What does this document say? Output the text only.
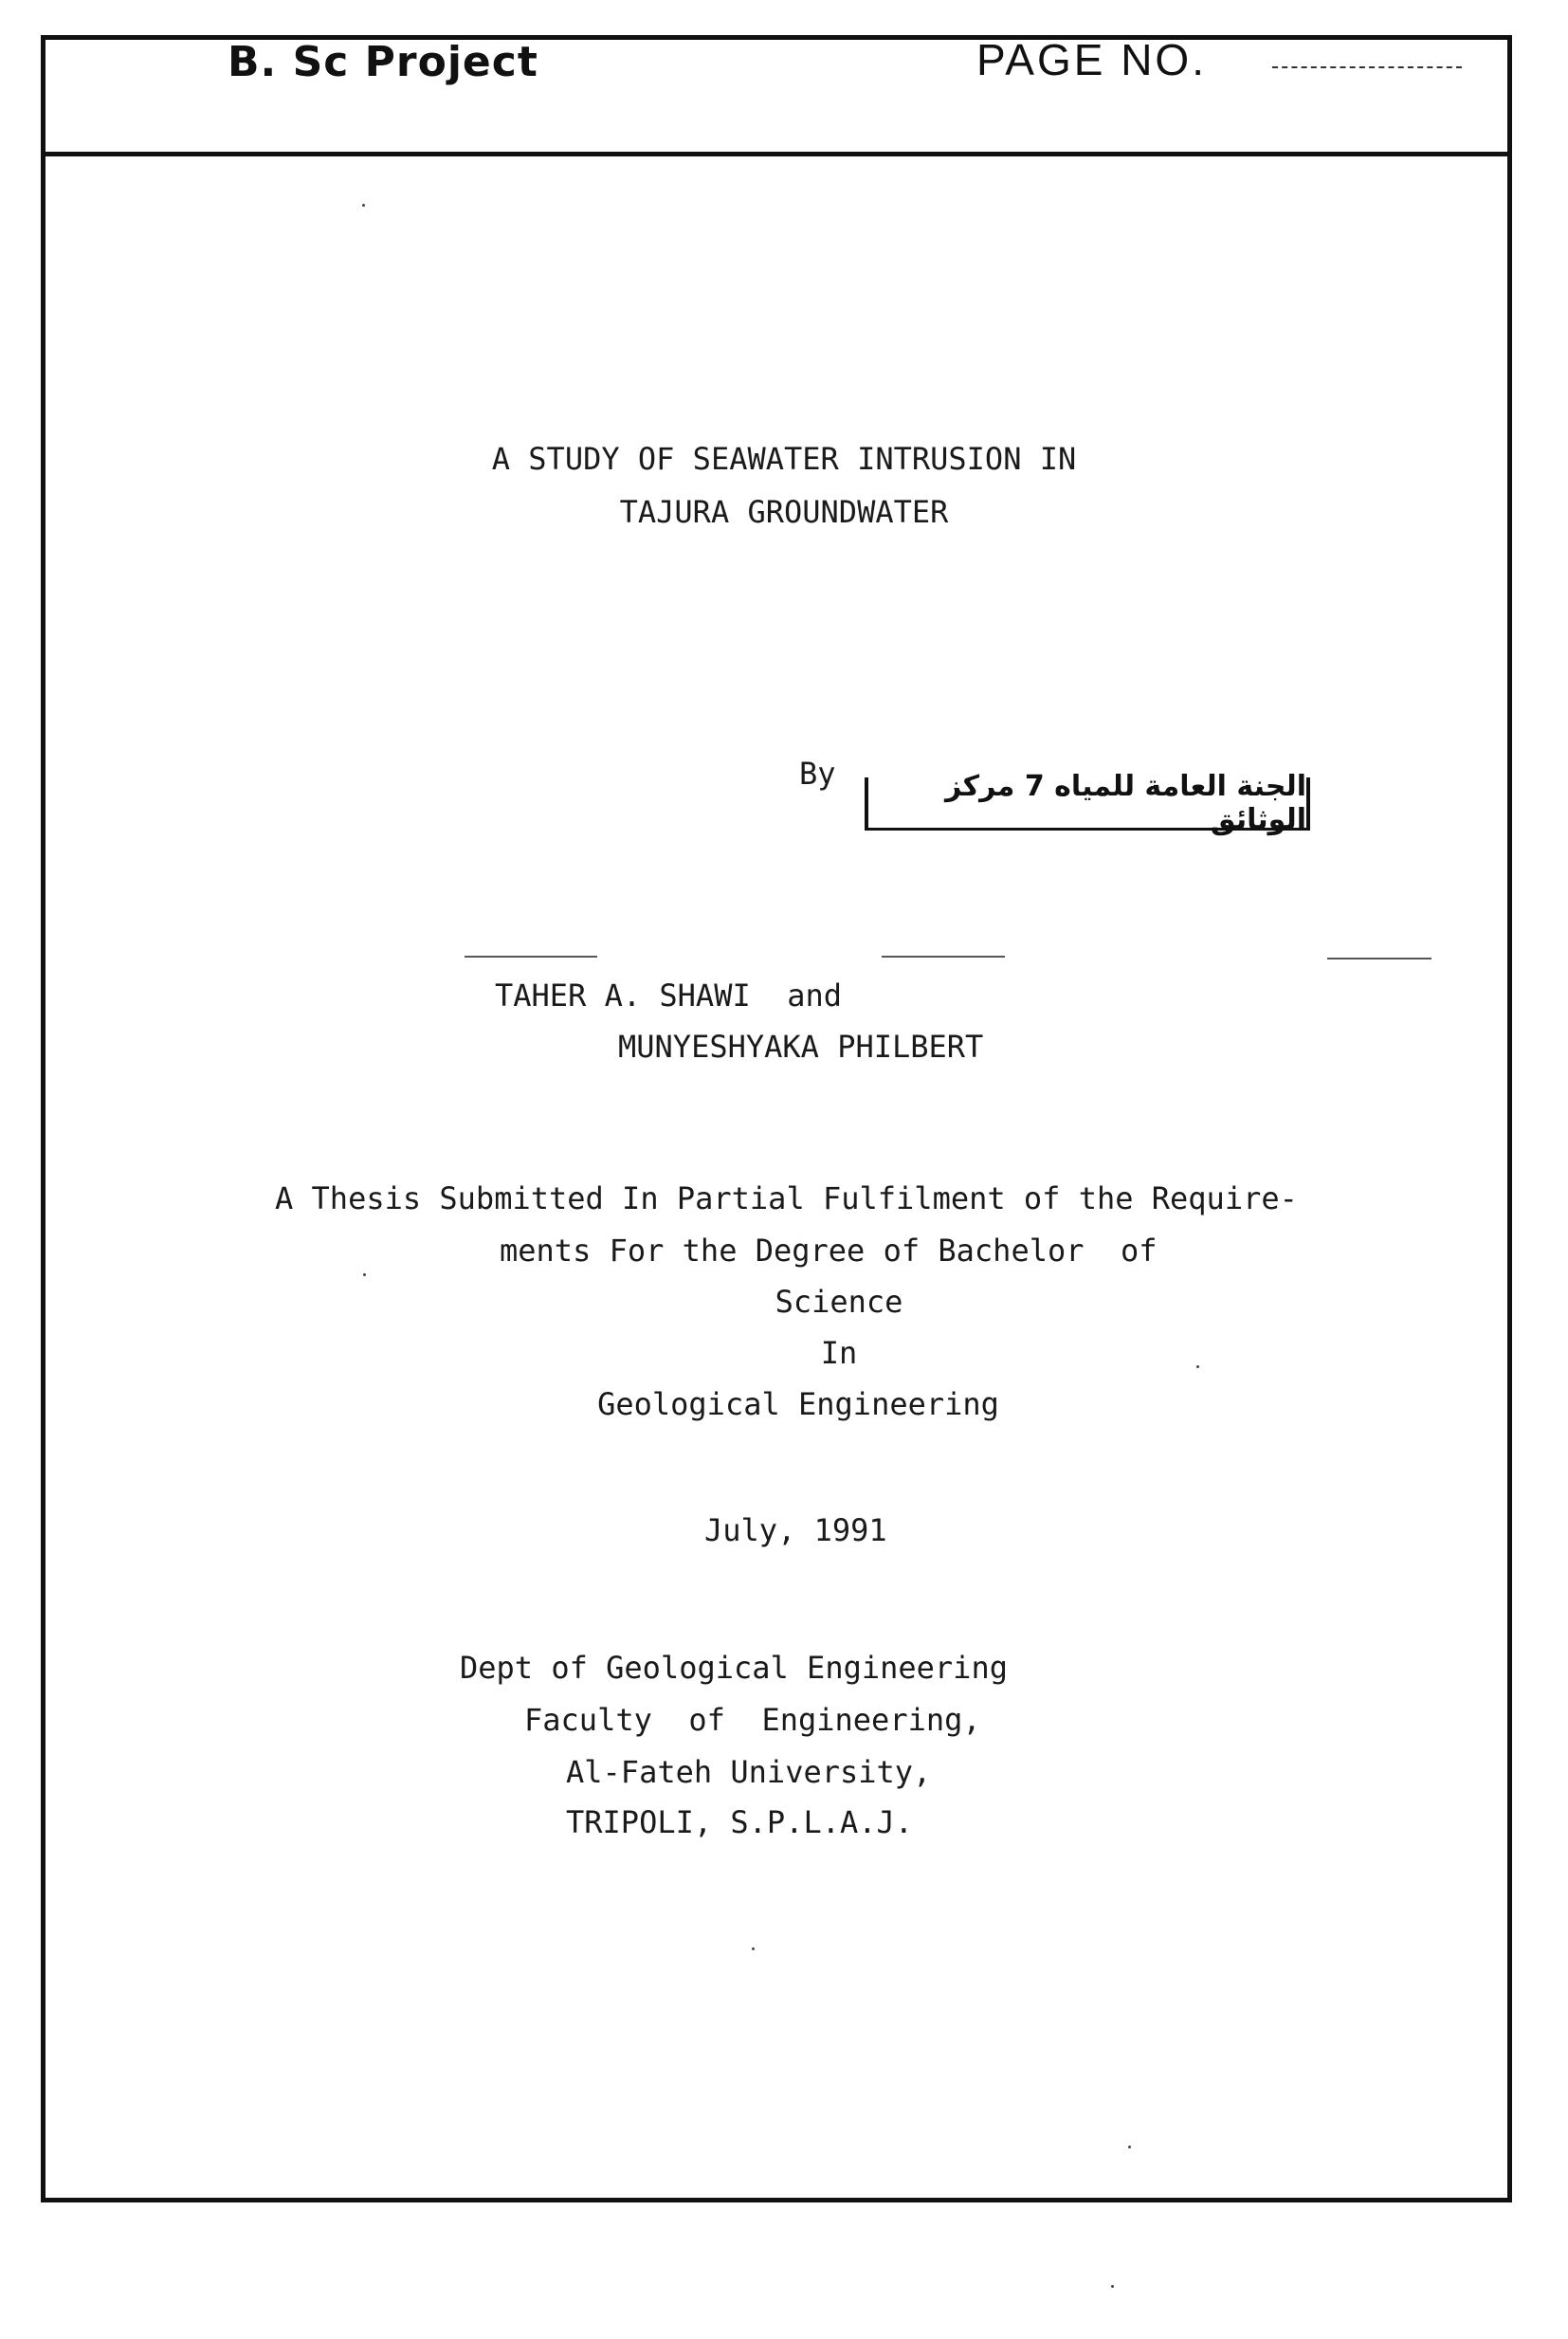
B. Sc Project	PAGE NO.
A STUDY OF SEAWATER INTRUSION IN
TAJURA GROUNDWATER
By	الجنة العامة للمياه 7 مركز الوثائق
TAHER A. SHAWI  and
MUNYESHYAKA PHILBERT
A Thesis Submitted In Partial Fulfilment of the Require-
ments For the Degree of Bachelor  of
Science
In
Geological Engineering
July, 1991
Dept of Geological Engineering
Faculty  of  Engineering,
Al-Fateh University,
TRIPOLI, S.P.L.A.J.
